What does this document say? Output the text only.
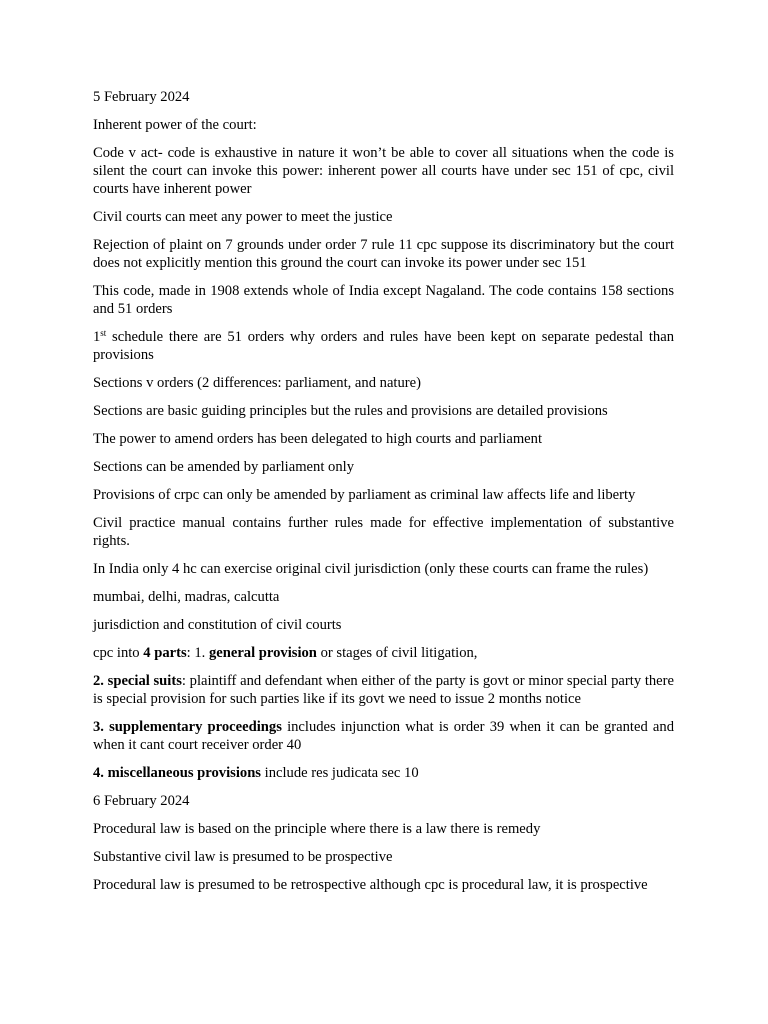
5 February 2024

Inherent power of the court:

Code v act- code is exhaustive in nature it won’t be able to cover all situations when the code is silent the court can invoke this power: inherent power all courts have under sec 151 of cpc, civil courts have inherent power

Civil courts can meet any power to meet the justice

Rejection of plaint on 7 grounds under order 7 rule 11 cpc suppose its discriminatory but the court does not explicitly mention this ground the court can invoke its power under sec 151

This code, made in 1908 extends whole of India except Nagaland. The code contains 158 sections and 51 orders

1st schedule there are 51 orders why orders and rules have been kept on separate pedestal than provisions

Sections v orders (2 differences: parliament, and nature)

Sections are basic guiding principles but the rules and provisions are detailed provisions

The power to amend orders has been delegated to high courts and parliament

Sections can be amended by parliament only

Provisions of crpc can only be amended by parliament as criminal law affects life and liberty

Civil practice manual contains further rules made for effective implementation of substantive rights.

In India only 4 hc can exercise original civil jurisdiction (only these courts can frame the rules)

mumbai, delhi, madras, calcutta

jurisdiction and constitution of civil courts

cpc into 4 parts: 1. general provision or stages of civil litigation,

2. special suits: plaintiff and defendant when either of the party is govt or minor special party there is special provision for such parties like if its govt we need to issue 2 months notice

3. supplementary proceedings includes injunction what is order 39 when it can be granted and when it cant court receiver order 40

4. miscellaneous provisions include res judicata sec 10

6 February 2024

Procedural law is based on the principle where there is a law there is remedy

Substantive civil law is presumed to be prospective

Procedural law is presumed to be retrospective although cpc is procedural law, it is prospective
